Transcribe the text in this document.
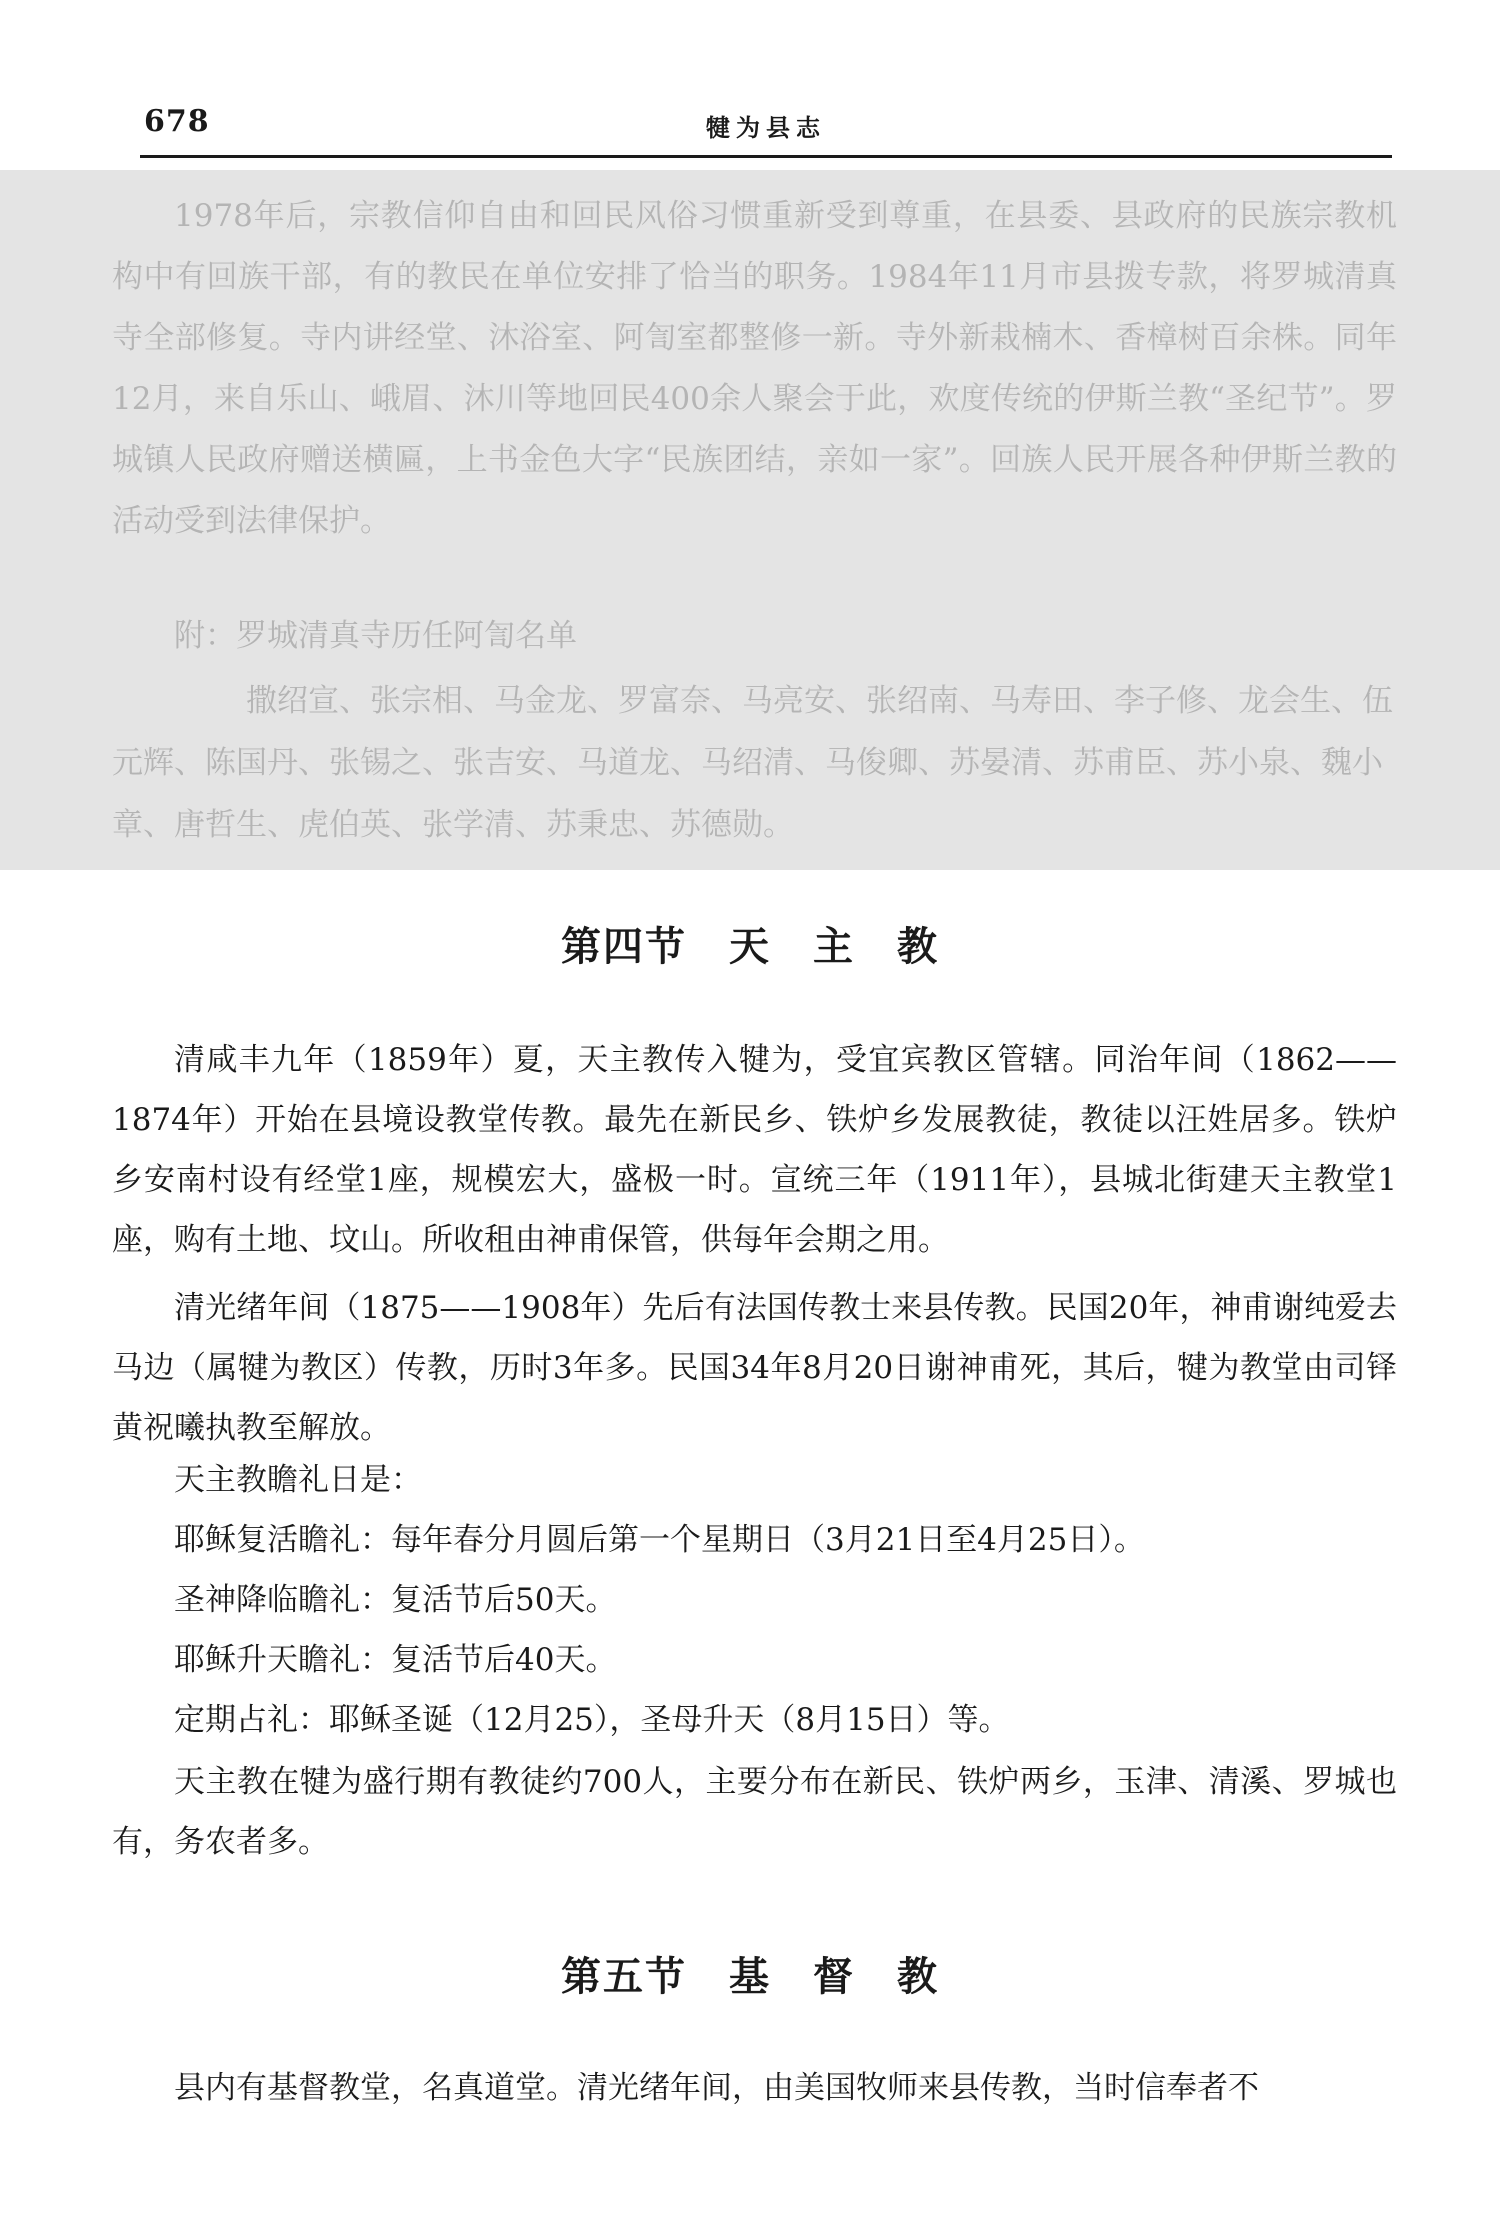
678	犍为县志

1978年后，宗教信仰自由和回民风俗习惯重新受到尊重，在县委、县政府的民族宗教机构中有回族干部，有的教民在单位安排了恰当的职务。1984年11月市县拨专款，将罗城清真寺全部修复。寺内讲经堂、沐浴室、阿訇室都整修一新。寺外新栽楠木、香樟树百余株。同年12月，来自乐山、峨眉、沐川等地回民400余人聚会于此，欢度传统的伊斯兰教“圣纪节”。罗城镇人民政府赠送横匾，上书金色大字“民族团结，亲如一家”。回族人民开展各种伊斯兰教的活动受到法律保护。

附：罗城清真寺历任阿訇名单

撒绍宣、张宗相、马金龙、罗富奈、马亮安、张绍南、马寿田、李子修、龙会生、伍元辉、陈国丹、张锡之、张吉安、马道龙、马绍清、马俊卿、苏晏清、苏甫臣、苏小泉、魏小章、唐哲生、虎伯英、张学清、苏秉忠、苏德勋。

第四节　天　主　教

清咸丰九年（1859年）夏，天主教传入犍为，受宜宾教区管辖。同治年间（1862——1874年）开始在县境设教堂传教。最先在新民乡、铁炉乡发展教徒，教徒以汪姓居多。铁炉乡安南村设有经堂1座，规模宏大，盛极一时。宣统三年（1911年），县城北街建天主教堂1座，购有土地、坟山。所收租由神甫保管，供每年会期之用。

清光绪年间（1875——1908年）先后有法国传教士来县传教。民国20年，神甫谢纯爱去马边（属犍为教区）传教，历时3年多。民国34年8月20日谢神甫死，其后，犍为教堂由司铎黄祝曦执教至解放。

天主教瞻礼日是：

耶稣复活瞻礼：每年春分月圆后第一个星期日（3月21日至4月25日）。

圣神降临瞻礼：复活节后50天。

耶稣升天瞻礼：复活节后40天。

定期占礼：耶稣圣诞（12月25），圣母升天（8月15日）等。

天主教在犍为盛行期有教徒约700人，主要分布在新民、铁炉两乡，玉津、清溪、罗城也有，务农者多。

第五节　基　督　教

县内有基督教堂，名真道堂。清光绪年间，由美国牧师来县传教，当时信奉者不
